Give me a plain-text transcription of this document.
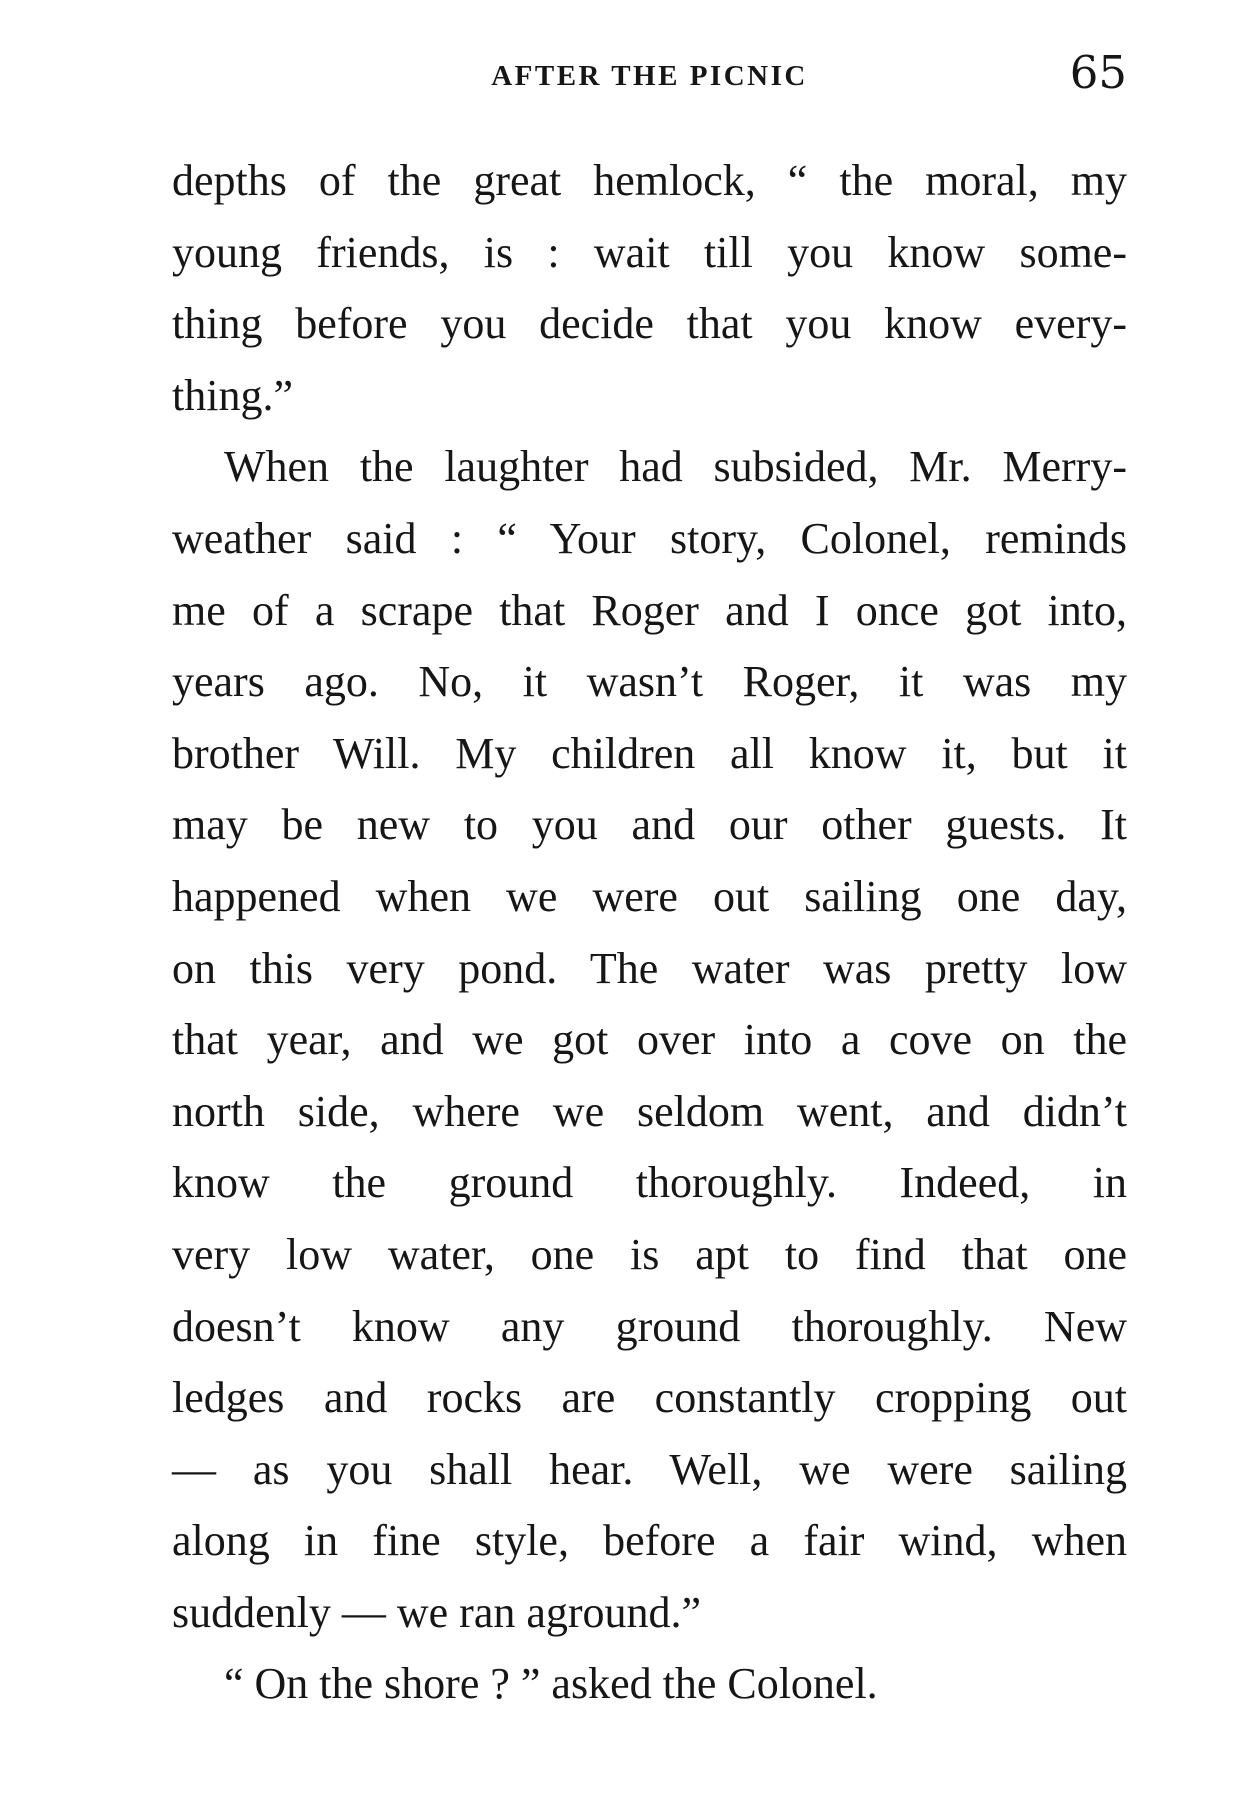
AFTER THE PICNIC	65
depths of the great hemlock, “ the moral, my
young friends, is : wait till you know some-
thing before you decide that you know every-
thing.”
When the laughter had subsided, Mr. Merry-
weather said : “ Your story, Colonel, reminds
me of a scrape that Roger and I once got into,
years ago. No, it wasn’t Roger, it was my
brother Will. My children all know it, but it
may be new to you and our other guests. It
happened when we were out sailing one day,
on this very pond. The water was pretty low
that year, and we got over into a cove on the
north side, where we seldom went, and didn’t
know the ground thoroughly. Indeed, in
very low water, one is apt to find that one
doesn’t know any ground thoroughly. New
ledges and rocks are constantly cropping out
— as you shall hear. Well, we were sailing
along in fine style, before a fair wind, when
suddenly — we ran aground.”
“ On the shore ? ” asked the Colonel.
